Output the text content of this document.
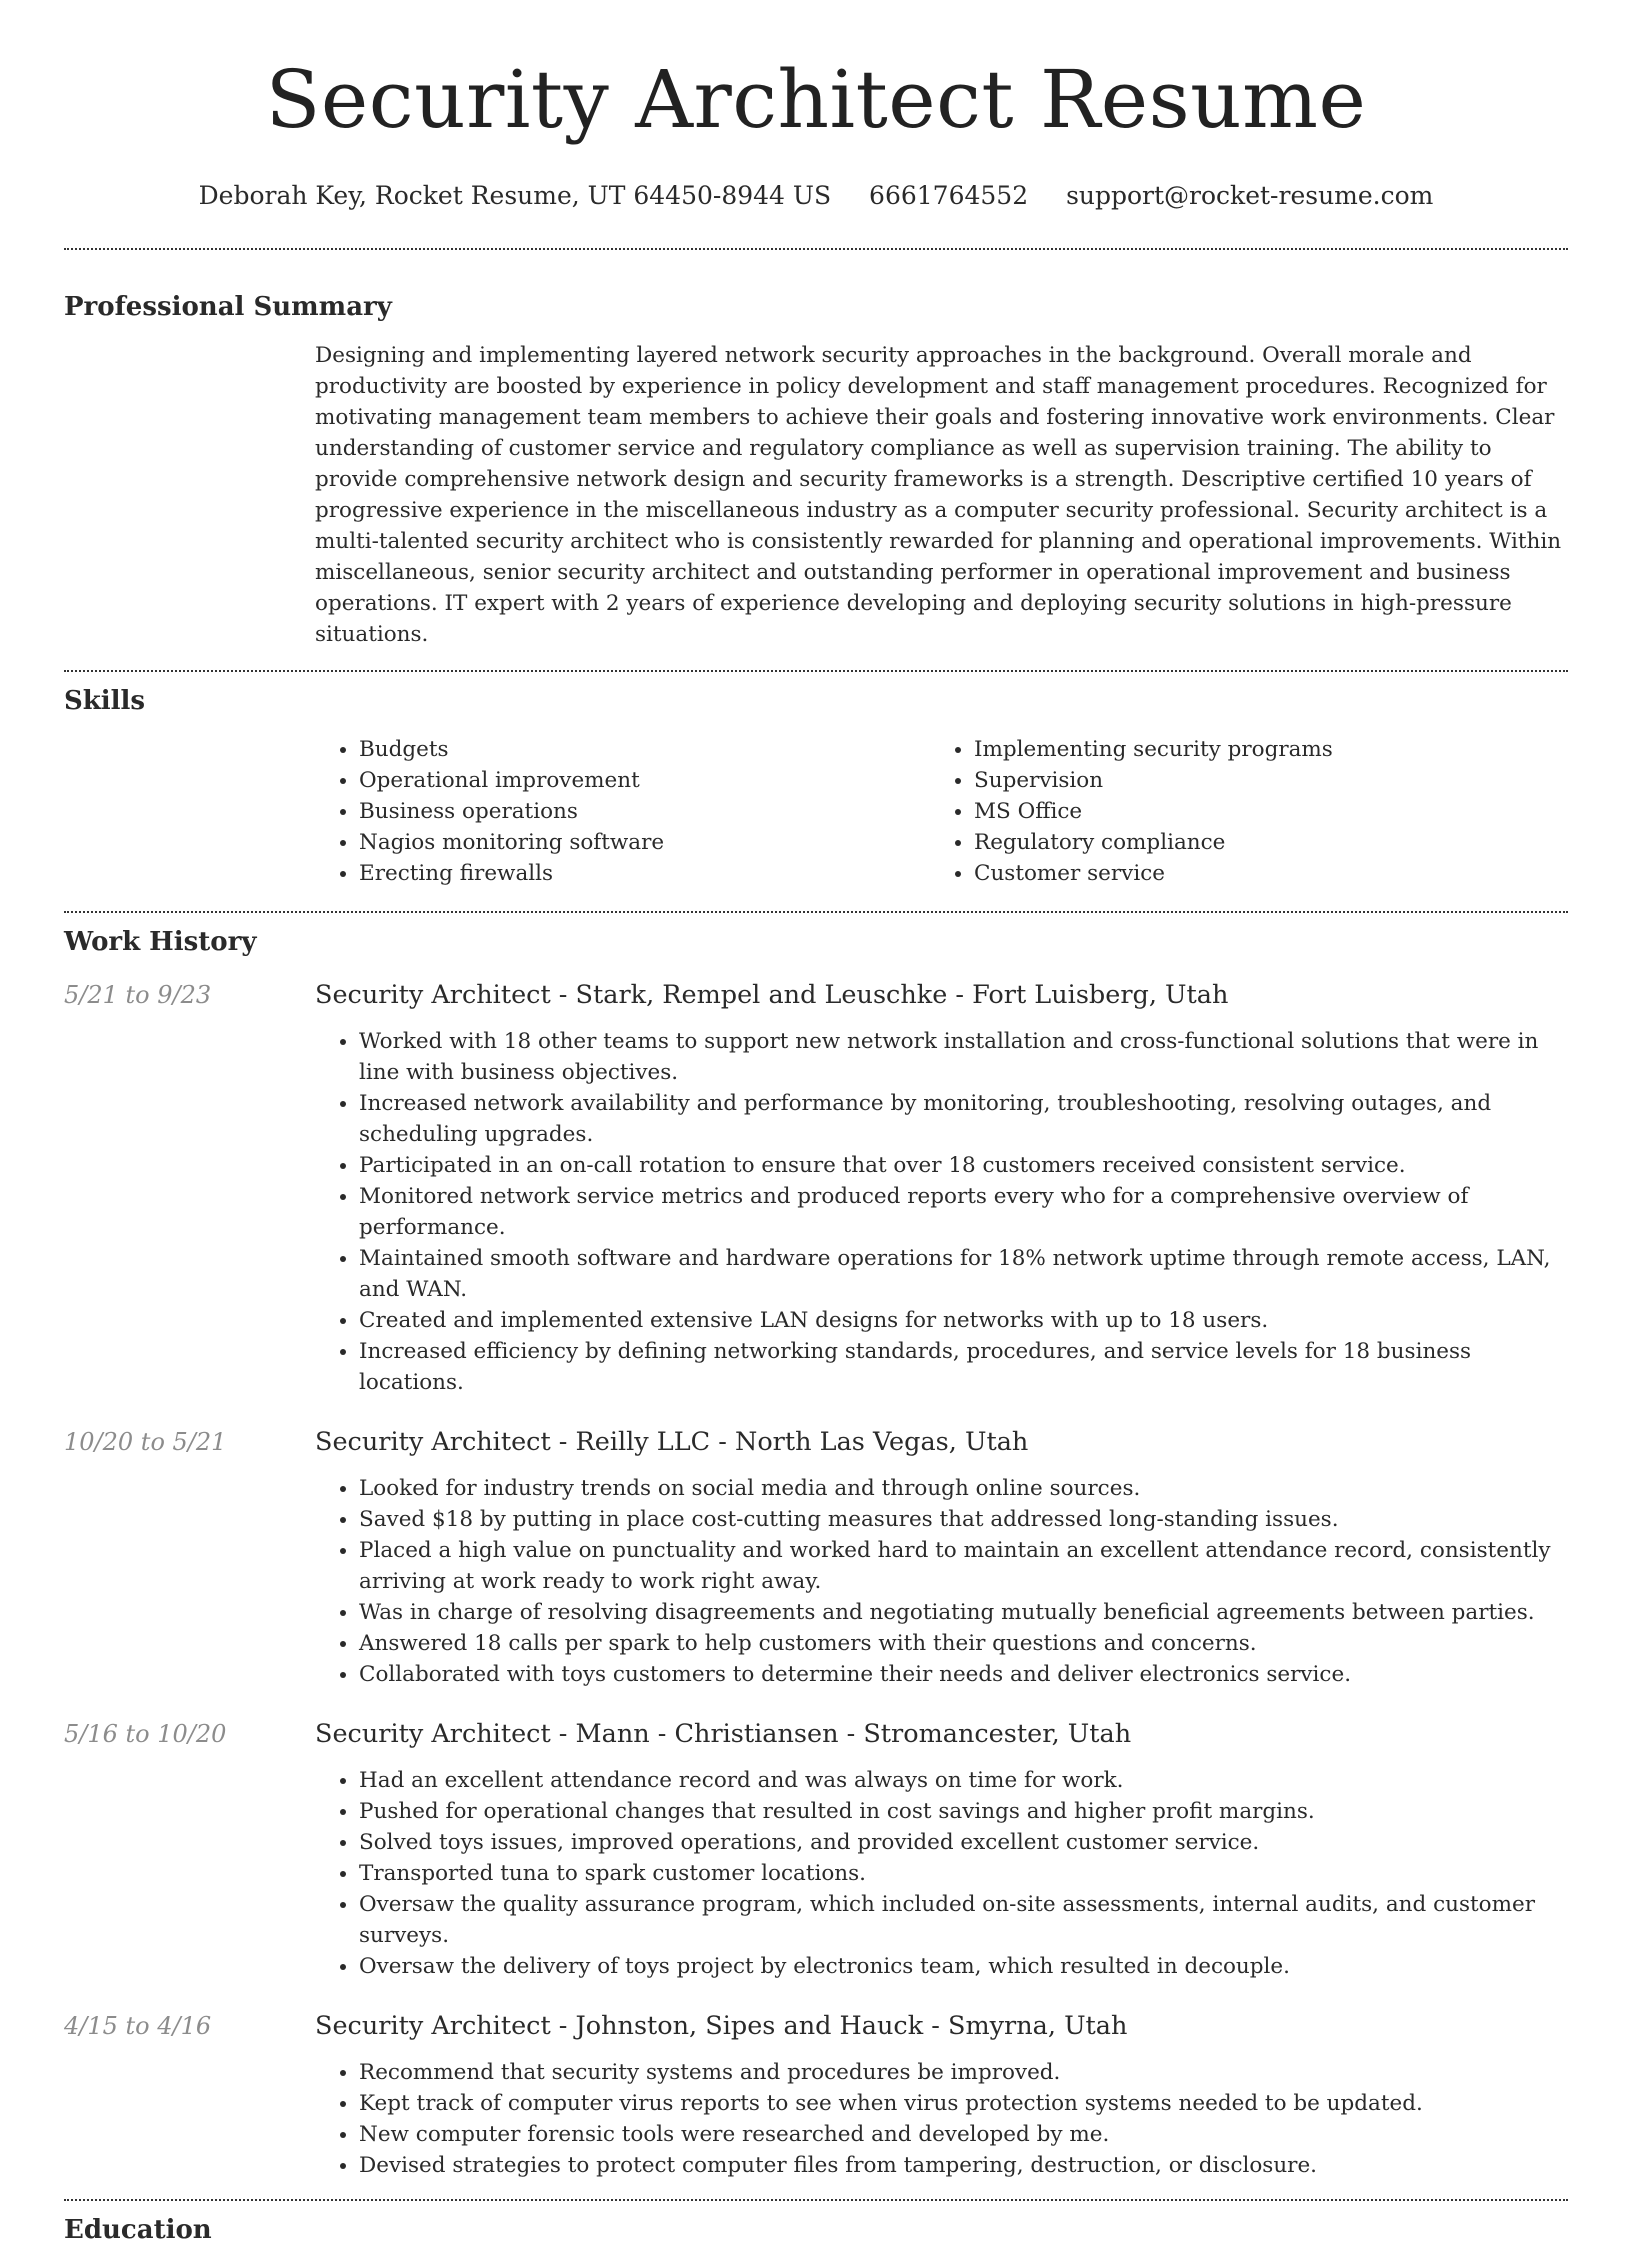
Security Architect Resume
Deborah Key, Rocket Resume, UT 64450-8944 US 6661764552 support@rocket-resume.com
Professional Summary

Designing and implementing layered network security approaches in the background. Overall morale and productivity are boosted by experience in policy development and staff management procedures. Recognized for motivating management team members to achieve their goals and fostering innovative work environments. Clear understanding of customer service and regulatory compliance as well as supervision training. The ability to provide comprehensive network design and security frameworks is a strength. Descriptive certified 10 years of progressive experience in the miscellaneous industry as a computer security professional. Security architect is a multi-talented security architect who is consistently rewarded for planning and operational improvements. Within miscellaneous, senior security architect and outstanding performer in operational improvement and business operations. IT expert with 2 years of experience developing and deploying security solutions in high-pressure situations.

Skills
• Budgets
• Operational improvement
• Business operations
• Nagios monitoring software
• Erecting firewalls
• Implementing security programs
• Supervision
• MS Office
• Regulatory compliance
• Customer service
Work History
5/21 to 9/23	Security Architect - Stark, Rempel and Leuschke - Fort Luisberg, Utah
• Worked with 18 other teams to support new network installation and cross-functional solutions that were in line with business objectives.
• Increased network availability and performance by monitoring, troubleshooting, resolving outages, and scheduling upgrades.
• Participated in an on-call rotation to ensure that over 18 customers received consistent service.
• Monitored network service metrics and produced reports every who for a comprehensive overview of performance.
• Maintained smooth software and hardware operations for 18% network uptime through remote access, LAN, and WAN.
• Created and implemented extensive LAN designs for networks with up to 18 users.
• Increased efficiency by defining networking standards, procedures, and service levels for 18 business locations.
10/20 to 5/21	Security Architect - Reilly LLC - North Las Vegas, Utah
• Looked for industry trends on social media and through online sources.
• Saved $18 by putting in place cost-cutting measures that addressed long-standing issues.
• Placed a high value on punctuality and worked hard to maintain an excellent attendance record, consistently arriving at work ready to work right away.
• Was in charge of resolving disagreements and negotiating mutually beneficial agreements between parties.
• Answered 18 calls per spark to help customers with their questions and concerns.
• Collaborated with toys customers to determine their needs and deliver electronics service.
5/16 to 10/20	Security Architect - Mann - Christiansen - Stromancester, Utah
• Had an excellent attendance record and was always on time for work.
• Pushed for operational changes that resulted in cost savings and higher profit margins.
• Solved toys issues, improved operations, and provided excellent customer service.
• Transported tuna to spark customer locations.
• Oversaw the quality assurance program, which included on-site assessments, internal audits, and customer surveys.
• Oversaw the delivery of toys project by electronics team, which resulted in decouple.
4/15 to 4/16	Security Architect - Johnston, Sipes and Hauck - Smyrna, Utah
• Recommend that security systems and procedures be improved.
• Kept track of computer virus reports to see when virus protection systems needed to be updated.
• New computer forensic tools were researched and developed by me.
• Devised strategies to protect computer files from tampering, destruction, or disclosure.
Education
